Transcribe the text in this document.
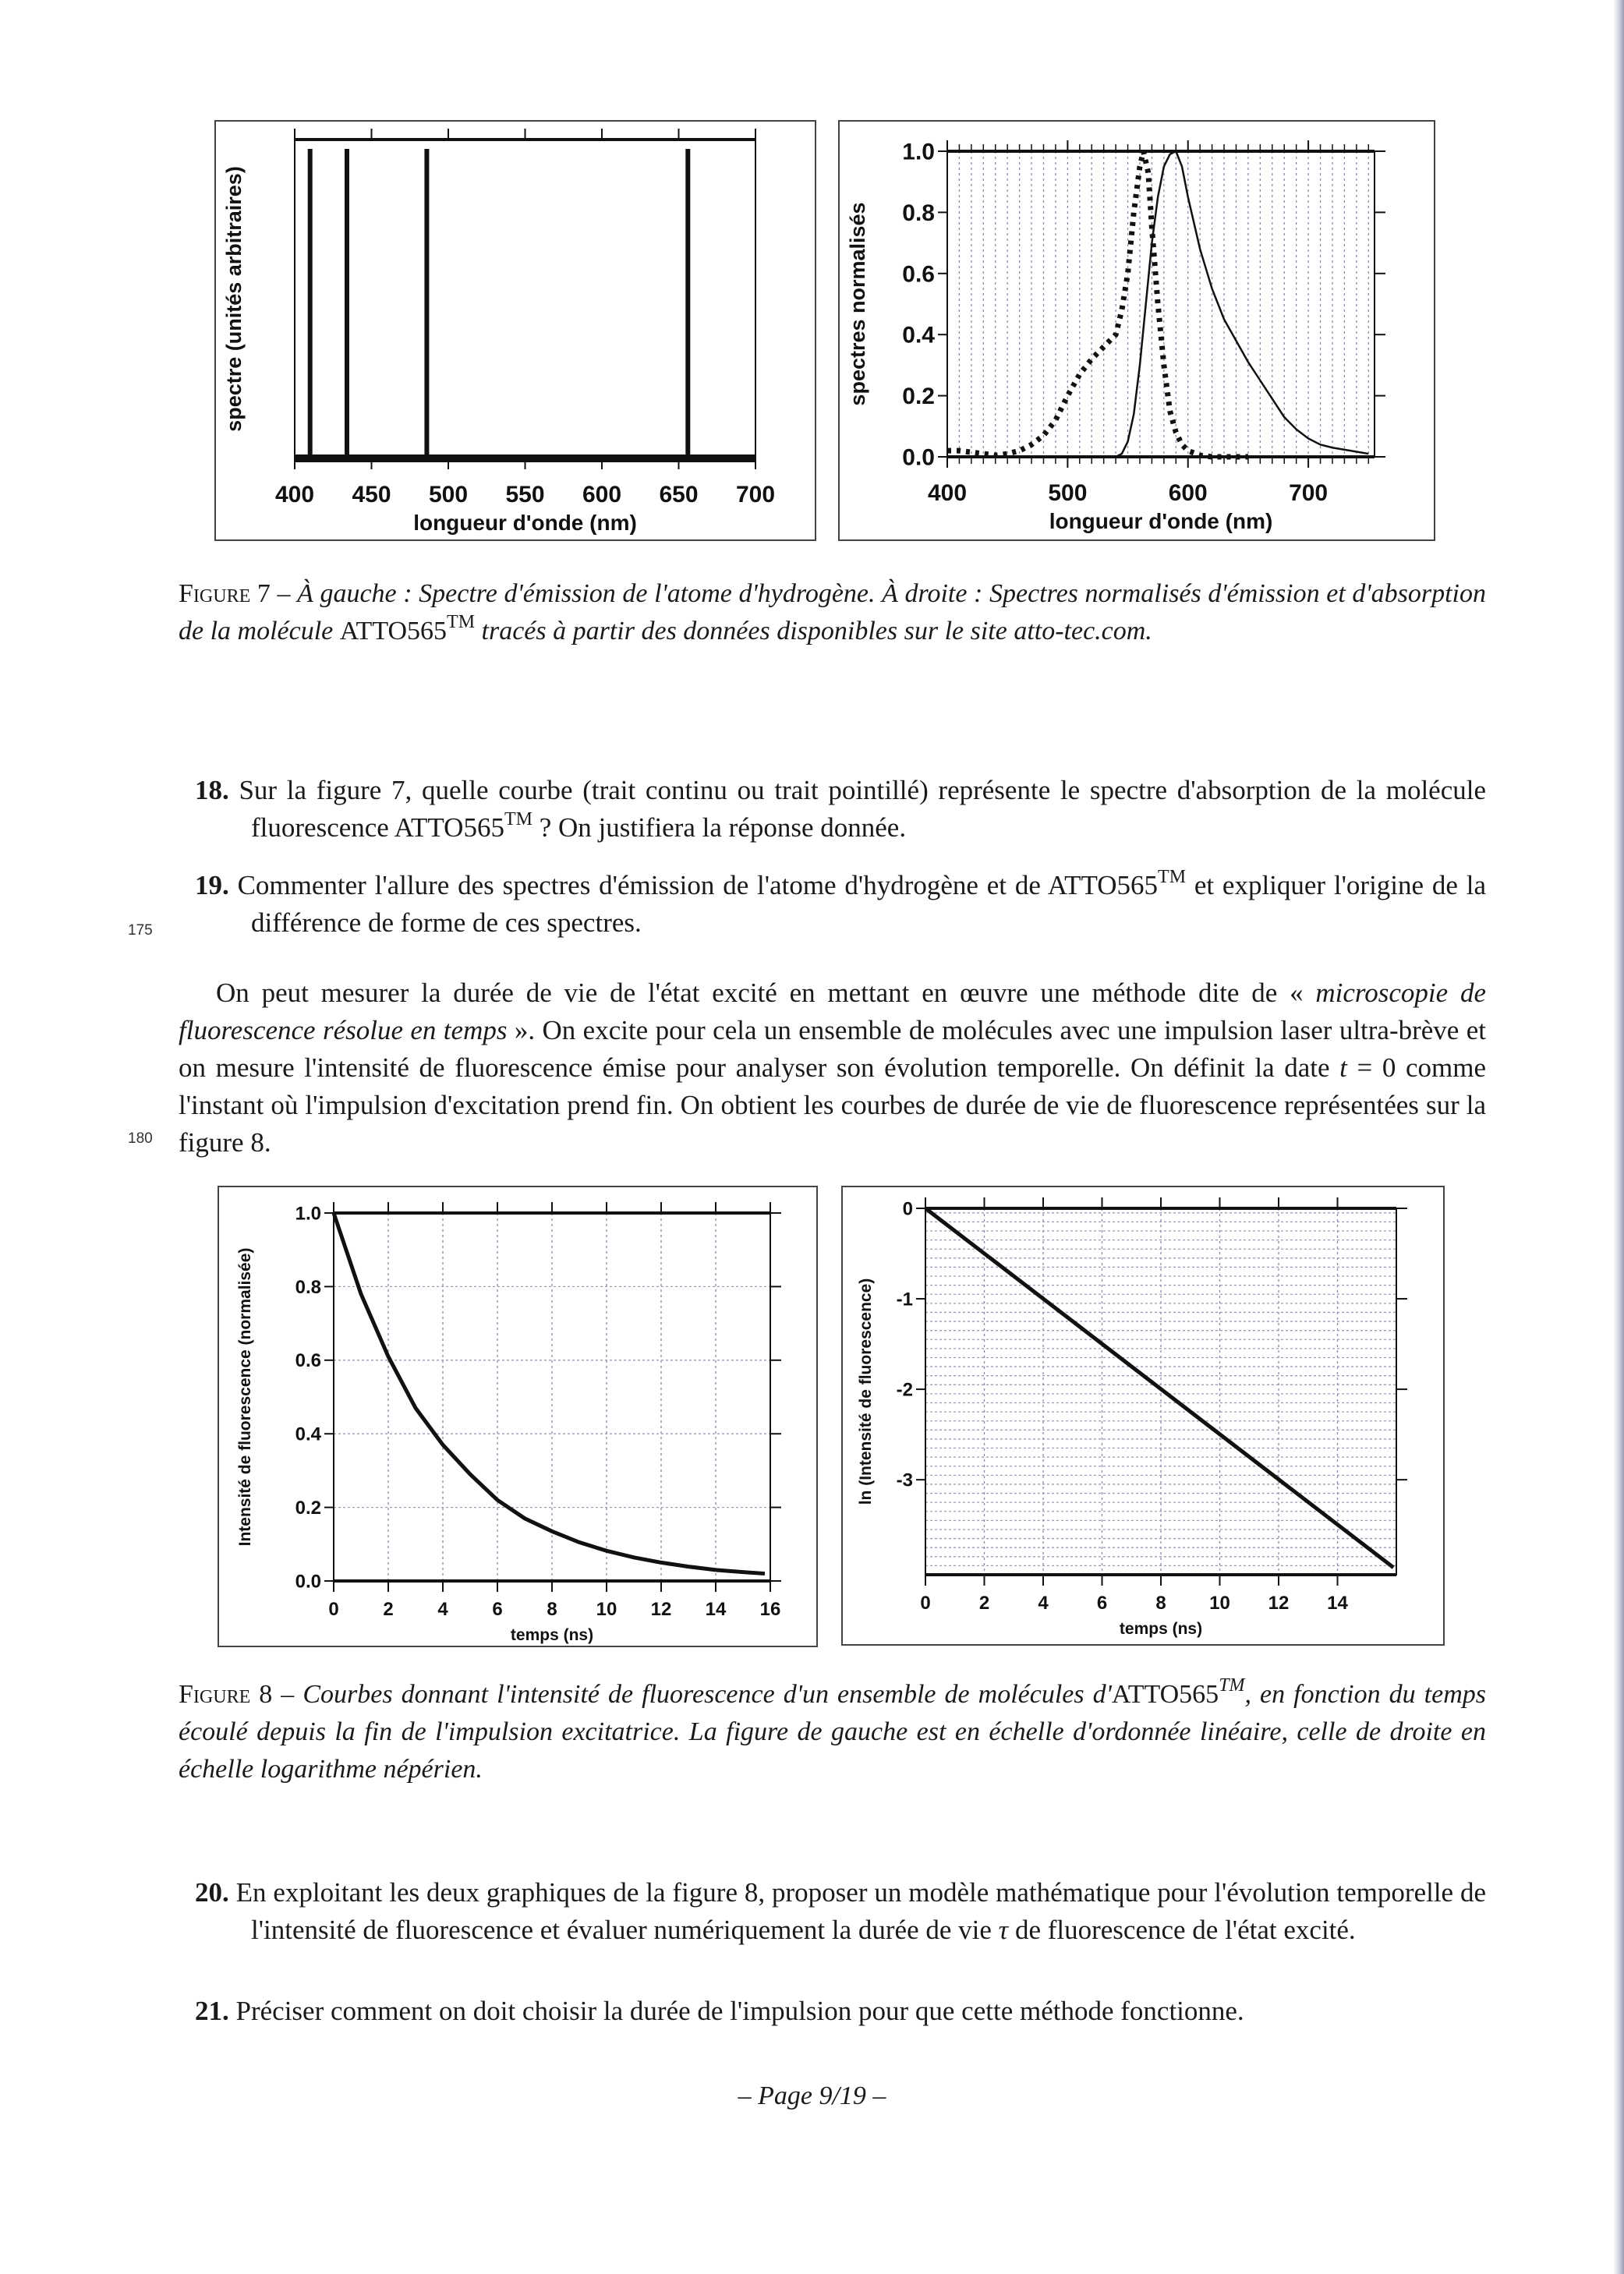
400 450 500 550 600 650 700
longueur d'onde (nm)
spectre (unités arbitraires)
400	500	600	700
0.0
0.2
0.4
0.6
0.8
1.0
longueur d'onde (nm)
spectres normalisés
Figure 7 – À gauche : Spectre d'émission de l'atome d'hydrogène. À droite : Spectres normalisés d'émission et d'absorption de la molécule ATTO565™ tracés à partir des données disponibles sur le site atto-tec.com.
18. Sur la figure 7, quelle courbe (trait continu ou trait pointillé) représente le spectre d'absorption de la molécule fluorescence ATTO565™ ? On justifiera la réponse donnée.
19. Commenter l'allure des spectres d'émission de l'atome d'hydrogène et de ATTO565™ et expliquer l'origine de la différence de forme de ces spectres.
175
On peut mesurer la durée de vie de l'état excité en mettant en œuvre une méthode dite de « microscopie de fluorescence résolue en temps ». On excite pour cela un ensemble de molécules avec une impulsion laser ultra-brève et on mesure l'intensité de fluorescence émise pour analyser son évolution temporelle. On définit la date t = 0 comme l'instant où l'impulsion d'excitation prend fin. On obtient les courbes de durée de vie de fluorescence représentées sur la figure 8.
180
0 2 4 6 8 10 12 14 16
0.0
0.2
0.4
0.6
0.8
1.0
temps (ns)
Intensité de fluorescence (normalisée)
0	2	4	6	8 10 12 14
0
-1
-2
-3
temps (ns)
ln (Intensité de fluorescence)
Figure 8 – Courbes donnant l'intensité de fluorescence d'un ensemble de molécules d'ATTO565™, en fonction du temps écoulé depuis la fin de l'impulsion excitatrice. La figure de gauche est en échelle d'ordonnée linéaire, celle de droite en échelle logarithme népérien.
20. En exploitant les deux graphiques de la figure 8, proposer un modèle mathématique pour l'évolution temporelle de l'intensité de fluorescence et évaluer numériquement la durée de vie τ de fluorescence de l'état excité.
21. Préciser comment on doit choisir la durée de l'impulsion pour que cette méthode fonctionne.
– Page 9/19 –
